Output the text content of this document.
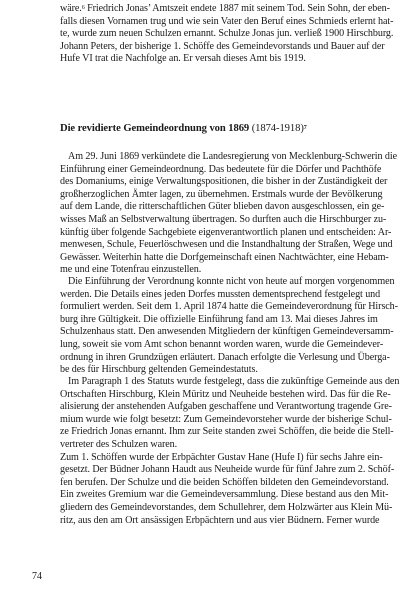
wäre.$^6$ Friedrich Jonas’ Amtszeit endete 1887 mit seinem Tod. Sein Sohn, der eben-
falls diesen Vornamen trug und wie sein Vater den Beruf eines Schmieds erlernt hat-
te, wurde zum neuen Schulzen ernannt. Schulze Jonas jun. verließ 1900 Hirschburg.
Johann Peters, der bisherige 1. Schöffe des Gemeindevorstands und Bauer auf der
Hufe VI trat die Nachfolge an. Er versah dieses Amt bis 1919.
Die revidierte Gemeindeordnung von 1869 (1874-1918)$^7$
Am 29. Juni 1869 verkündete die Landesregierung von Mecklenburg-Schwerin die
Einführung einer Gemeindeordnung. Das bedeutete für die Dörfer und Pachthöfe
des Domaniums, einige Verwaltungspositionen, die bisher in der Zuständigkeit der
großherzoglichen Ämter lagen, zu übernehmen. Erstmals wurde der Bevölkerung
auf dem Lande, die ritterschaftlichen Güter blieben davon ausgeschlossen, ein ge-
wisses Maß an Selbstverwaltung übertragen. So durften auch die Hirschburger zu-
künftig über folgende Sachgebiete eigenverantwortlich planen und entscheiden: Ar-
menwesen, Schule, Feuerlöschwesen und die Instandhaltung der Straßen, Wege und
Gewässer. Weiterhin hatte die Dorfgemeinschaft einen Nachtwächter, eine Hebam-
me und eine Totenfrau einzustellen.
Die Einführung der Verordnung konnte nicht von heute auf morgen vorgenommen
werden. Die Details eines jeden Dorfes mussten dementsprechend festgelegt und
formuliert werden. Seit dem 1. April 1874 hatte die Gemeindeverordnung für Hirsch-
burg ihre Gültigkeit. Die offizielle Einführung fand am 13. Mai dieses Jahres im
Schulzenhaus statt. Den anwesenden Mitgliedern der künftigen Gemeindeversamm-
lung, soweit sie vom Amt schon benannt worden waren, wurde die Gemeindever-
ordnung in ihren Grundzügen erläutert. Danach erfolgte die Verlesung und Überga-
be des für Hirschburg geltenden Gemeindestatuts.
Im Paragraph 1 des Statuts wurde festgelegt, dass die zukünftige Gemeinde aus den
Ortschaften Hirschburg, Klein Müritz und Neuheide bestehen wird. Das für die Re-
alisierung der anstehenden Aufgaben geschaffene und Verantwortung tragende Gre-
mium wurde wie folgt besetzt: Zum Gemeindevorsteher wurde der bisherige Schul-
ze Friedrich Jonas ernannt. Ihm zur Seite standen zwei Schöffen, die beide die Stell-
vertreter des Schulzen waren.
Zum 1. Schöffen wurde der Erbpächter Gustav Hane (Hufe I) für sechs Jahre ein-
gesetzt. Der Büdner Johann Haudt aus Neuheide wurde für fünf Jahre zum 2. Schöf-
fen berufen. Der Schulze und die beiden Schöffen bildeten den Gemeindevorstand.
Ein zweites Gremium war die Gemeindeversammlung. Diese bestand aus den Mit-
gliedern des Gemeindevorstandes, dem Schullehrer, dem Holzwärter aus Klein Mü-
ritz, aus den am Ort ansässigen Erbpächtern und aus vier Büdnern. Ferner wurde
74
